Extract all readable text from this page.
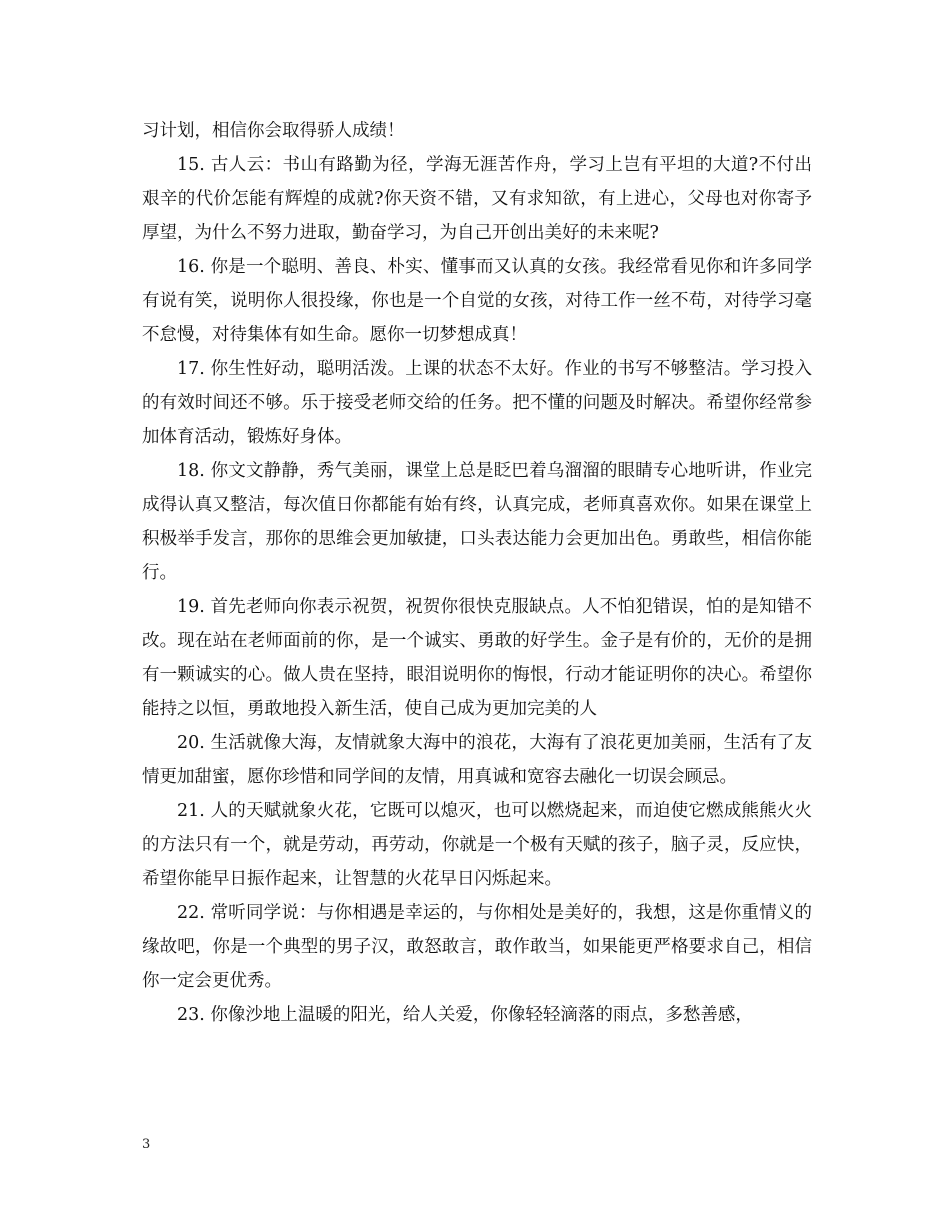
习计划，相信你会取得骄人成绩！

15. 古人云：书山有路勤为径，学海无涯苦作舟，学习上岂有平坦的大道?不付出艰辛的代价怎能有辉煌的成就?你天资不错，又有求知欲，有上进心，父母也对你寄予厚望，为什么不努力进取，勤奋学习，为自己开创出美好的未来呢?

16. 你是一个聪明、善良、朴实、懂事而又认真的女孩。我经常看见你和许多同学有说有笑，说明你人很投缘，你也是一个自觉的女孩，对待工作一丝不苟，对待学习毫不怠慢，对待集体有如生命。愿你一切梦想成真！

17. 你生性好动，聪明活泼。上课的状态不太好。作业的书写不够整洁。学习投入的有效时间还不够。乐于接受老师交给的任务。把不懂的问题及时解决。希望你经常参加体育活动，锻炼好身体。

18. 你文文静静，秀气美丽，课堂上总是眨巴着乌溜溜的眼睛专心地听讲，作业完成得认真又整洁，每次值日你都能有始有终，认真完成，老师真喜欢你。如果在课堂上积极举手发言，那你的思维会更加敏捷，口头表达能力会更加出色。勇敢些，相信你能行。

19. 首先老师向你表示祝贺，祝贺你很快克服缺点。人不怕犯错误，怕的是知错不改。现在站在老师面前的你，是一个诚实、勇敢的好学生。金子是有价的，无价的是拥有一颗诚实的心。做人贵在坚持，眼泪说明你的悔恨，行动才能证明你的决心。希望你能持之以恒，勇敢地投入新生活，使自己成为更加完美的人

20. 生活就像大海，友情就象大海中的浪花，大海有了浪花更加美丽，生活有了友情更加甜蜜，愿你珍惜和同学间的友情，用真诚和宽容去融化一切误会顾忌。

21. 人的天赋就象火花，它既可以熄灭，也可以燃烧起来，而迫使它燃成熊熊火火的方法只有一个，就是劳动，再劳动，你就是一个极有天赋的孩子，脑子灵，反应快，希望你能早日振作起来，让智慧的火花早日闪烁起来。

22. 常听同学说：与你相遇是幸运的，与你相处是美好的，我想，这是你重情义的缘故吧，你是一个典型的男子汉，敢怒敢言，敢作敢当，如果能更严格要求自己，相信你一定会更优秀。

23. 你像沙地上温暖的阳光，给人关爱，你像轻轻滴落的雨点，多愁善感，

3
